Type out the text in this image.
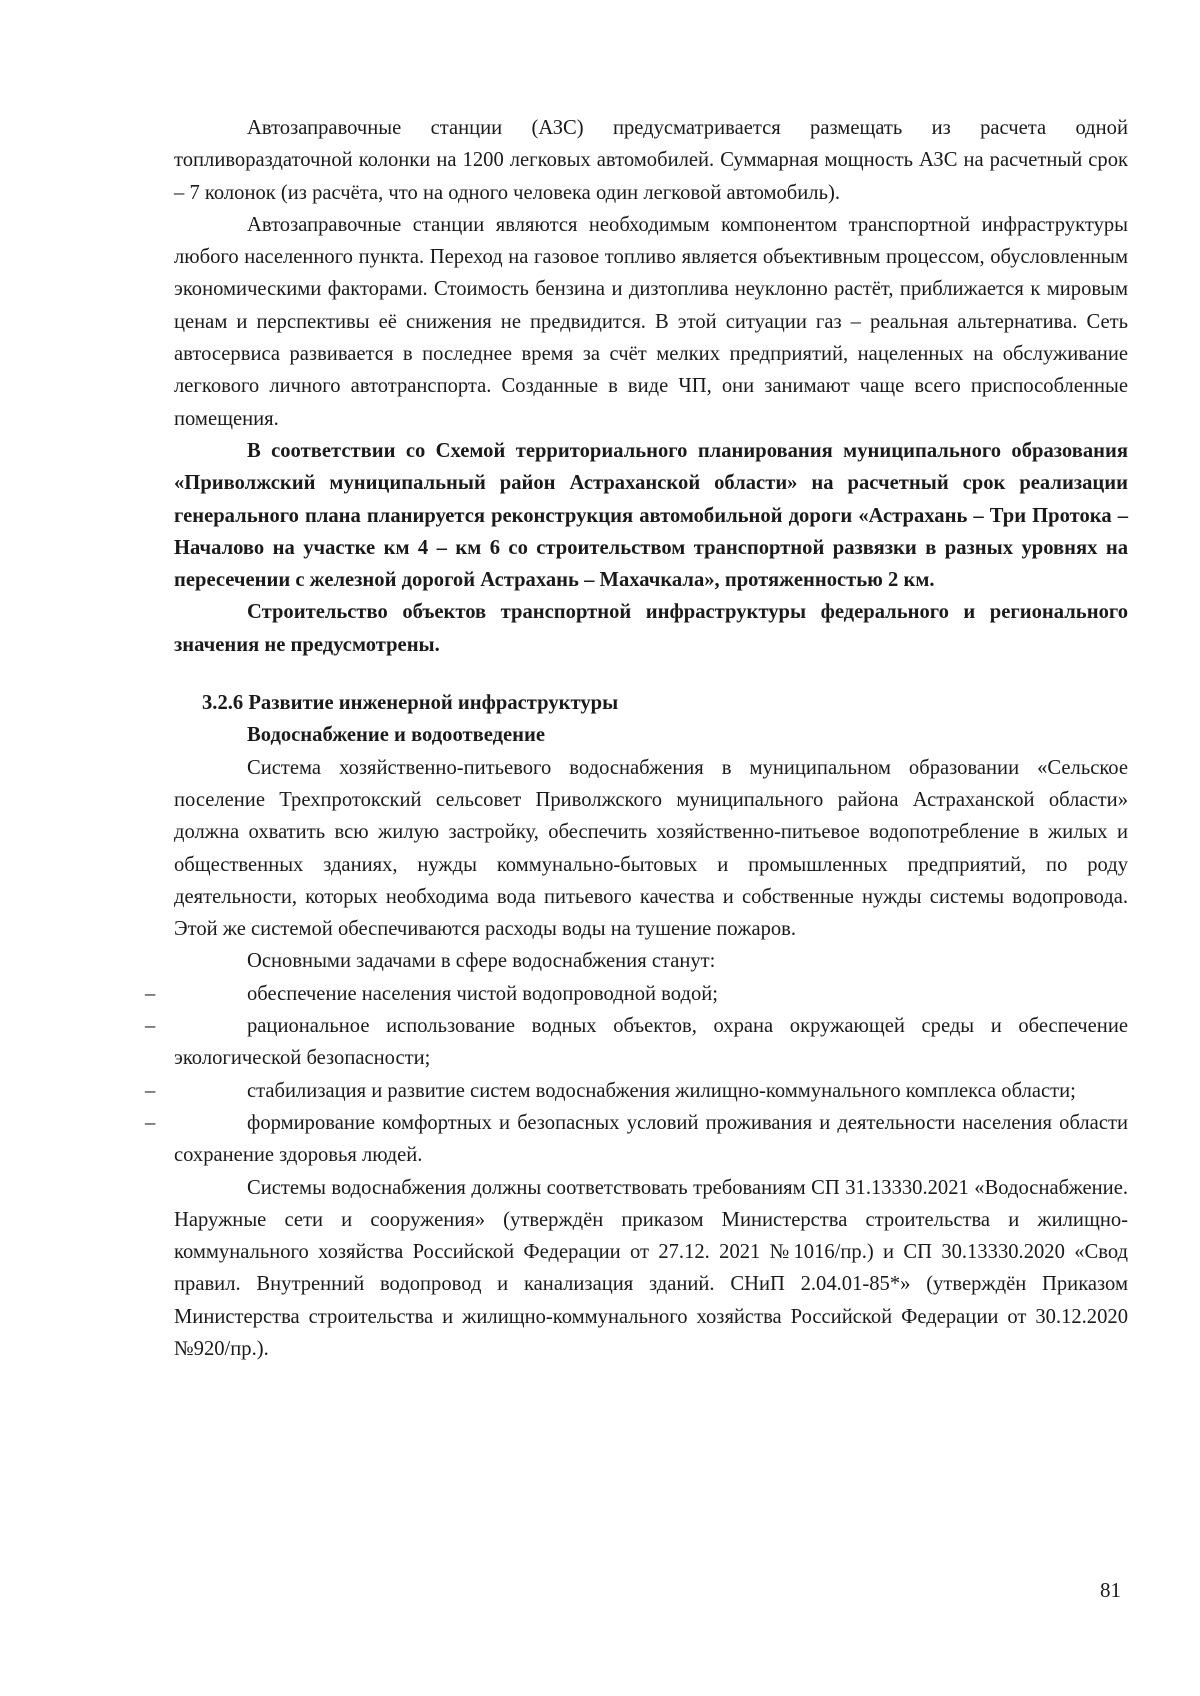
Автозаправочные станции (АЗС) предусматривается размещать из расчета одной топливораздаточной колонки на 1200 легковых автомобилей. Суммарная мощность АЗС на расчетный срок – 7 колонок (из расчёта, что на одного человека один легковой автомобиль).

Автозаправочные станции являются необходимым компонентом транспортной инфраструктуры любого населенного пункта. Переход на газовое топливо является объективным процессом, обусловленным экономическими факторами. Стоимость бензина и дизтоплива неуклонно растёт, приближается к мировым ценам и перспективы её снижения не предвидится. В этой ситуации газ – реальная альтернатива. Сеть автосервиса развивается в последнее время за счёт мелких предприятий, нацеленных на обслуживание легкового личного автотранспорта. Созданные в виде ЧП, они занимают чаще всего приспособленные помещения.

В соответствии со Схемой территориального планирования муниципального образования «Приволжский муниципальный район Астраханской области» на расчетный срок реализации генерального плана планируется реконструкция автомобильной дороги «Астрахань – Три Протока – Началово на участке км 4 – км 6 со строительством транспортной развязки в разных уровнях на пересечении с железной дорогой Астрахань – Махачкала», протяженностью 2 км.

Строительство объектов транспортной инфраструктуры федерального и регионального значения не предусмотрены.

3.2.6 Развитие инженерной инфраструктуры

Водоснабжение и водоотведение

Система хозяйственно-питьевого водоснабжения в муниципальном образовании «Сельское поселение Трехпротокский сельсовет Приволжского муниципального района Астраханской области» должна охватить всю жилую застройку, обеспечить хозяйственно-питьевое водопотребление в жилых и общественных зданиях, нужды коммунально-бытовых и промышленных предприятий, по роду деятельности, которых необходима вода питьевого качества и собственные нужды системы водопровода. Этой же системой обеспечиваются расходы воды на тушение пожаров.

Основными задачами в сфере водоснабжения станут:

–	обеспечение населения чистой водопроводной водой;

–	рациональное использование водных объектов, охрана окружающей среды и обеспечение экологической безопасности;

–	стабилизация и развитие систем водоснабжения жилищно-коммунального комплекса области;

–	формирование комфортных и безопасных условий проживания и деятельности населения области сохранение здоровья людей.

Системы водоснабжения должны соответствовать требованиям СП 31.13330.2021 «Водоснабжение. Наружные сети и сооружения» (утверждён приказом Министерства строительства и жилищно-коммунального хозяйства Российской Федерации от 27.12. 2021 №1016/пр.) и СП 30.13330.2020 «Свод правил. Внутренний водопровод и канализация зданий. СНиП 2.04.01-85*» (утверждён Приказом Министерства строительства и жилищно-коммунального хозяйства Российской Федерации от 30.12.2020 №920/пр.).

81
